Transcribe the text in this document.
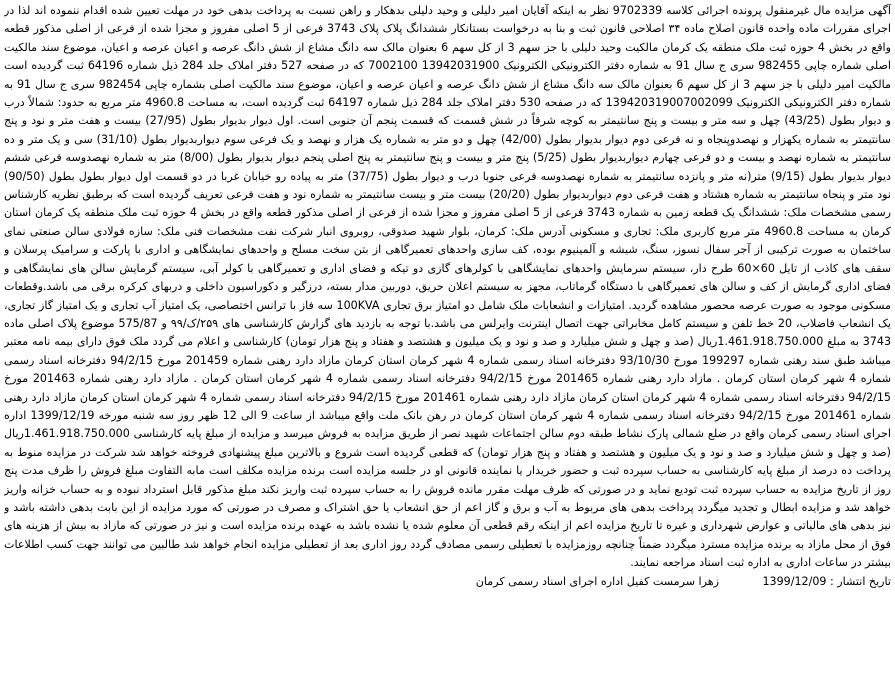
آگهی مزایده مال غیرمنقول پرونده اجرائی کلاسه 9702339 نظر به اینکه آقایان امیر دلیلی و وحید دلیلی بدهکار و راهن نسبت به پرداخت بدهی خود در مهلت تعیین شده اقدام ننموده اند لذا در اجرای مقررات ماده واحده قانون اصلاح ماده ۳۴ اصلاحی قانون ثبت و بنا به درخواست بستانکار ششدانگ پلاک پلاک 3743 فرعی از 5 اصلی مفروز و مجزا شده از فرعی از اصلی مذکور قطعه واقع در بخش 4 حوزه ثبت ملک منطقه یک کرمان مالکیت وحید دلیلی با جز سهم 3 از کل سهم 6 بعنوان مالک سه دانگ مشاع از شش دانگ عرصه و اعیان عرصه و اعیان، موضوع سند مالکیت اصلی شماره چاپی 982455 سری ج سال 91 به شماره دفتر الکترونیکی الکترونیک 13942031900 7002100 که در صفحه 527 دفتر املاک جلد 284 ذیل شماره 64196 ثبت گردیده است مالکیت امیر دلیلی با جز سهم 3 از کل سهم 6 بعنوان مالک سه دانگ مشاع از شش دانگ عرصه و اعیان عرصه و اعیان، موضوع سند مالکیت اصلی بشماره چاپی 982454 سری ج سال 91 به شماره دفتر الکترونیکی الکترونیک 139420319007002099 که در صفحه 530 دفتر املاک جلد 284 ذیل شماره 64197 ثبت گردیده است، به مساحت 4960.8 متر مربع به حدود: شمالاً درب و دیوار بطول (43/25) چهل و سه متر و بیست و پنج سانتیمتر به کوچه شرقاً در شش قسمت که قسمت پنجم آن جنوبی است. اول دیوار بدیوار بطول (27/95) بیست و هفت متر و نود و پنج سانتیمتر به شماره یکهزار و نهصدوپنجاه و نه فرعی دوم دیوار بدیوار بطول (42/00) چهل و دو متر به شماره یک هزار و نهصد و یک فرعی سوم دیواربدیوار بطول (31/10) سی و یک متر و ده سانتیمتر به شماره نهصد و بیست و دو فرعی چهارم دیواربدیوار بطول (5/25) پنج متر و بیست و پنج سانتیمتر به پنج اصلی پنجم دیوار بدیوار بطول (8/00) متر به شماره نهصدوسه فرعی ششم دیوار بدیوار بطول (9/15) متر(نه متر و پانزده سانتیمتر به شماره نهصدوسه فرعی جنوبا درب و دیوار بطول (37/75) متر به پیاده رو خیابان غربا در دو قسمت اول دیوار بطول بطول (90/50) نود متر و پنجاه سانتیمتر به شماره هشتاد و هفت فرعی دوم دیواربدیوار بطول (20/20) بیست متر و بیست سانتیمتر به شماره نود و هفت فرعی تعریف گردیده است که برطبق نظریه کارشناس رسمی مشخصات ملک: ششدانگ یک قطعه زمین به شماره 3743 فرعی از 5 اصلی مفروز و مجزا شده از فرعی از اصلی مذکور قطعه واقع در بخش 4 حوزه ثبت ملک منطقه یک کرمان استان کرمان به مساحت 4960.8 متر مربع کاربری ملک: تجاری و مسکونی آدرس ملک: کرمان، بلوار شهید صدوقی، روبروی انبار شرکت نفت مشخصات فنی ملک: سازه فولادی سالن صنعتی نمای ساختمان به صورت ترکیبی از آجر سفال نسوز، سنگ، شیشه و آلمینیوم بوده، کف سازی واحدهای تعمیرگاهی از بتن سخت مسلح و واحدهای نمایشگاهی و اداری با پارکت و سرامیک پرسلان و سقف های کاذب از تایل 60×60 طرح دار، سیستم سرمایش واحدهای نمایشگاهی با کولرهای گازی دو تیکه و فضای اداری و تعمیرگاهی با کولر آبی، سیستم گرمایش سالن های نمایشگاهی و فضای اداری گرمایش از کف و سالن های تعمیرگاهی با دستگاه گرماتاب، مجهز به سیستم اعلان حریق، دوربین مدار بسته، درزگیر و دکوراسیون داخلی و دربهای کرکره برقی می باشد.وقطعات مسکونی موجود به صورت عرصه محصور مشاهده گردید. امتیازات و انشعابات ملک شامل دو امتیاز برق تجاری 100KVA سه فاز با ترانس اختصاصی، یک امتیاز آب تجاری و یک امتیاز گاز تجاری، یک انشعاب فاضلاب، 20 خط تلفن و سیستم کامل مخابراتی جهت اتصال اینترنت وایرلس می باشد.با توجه به بازدید های گزارش کارشناسی های ۲۵۹/ک/۹۹ و 575/87 موضوع پلاک اصلی ماده 3743 به مبلغ 1.461.918.750.000ریال (صد و چهل و شش میلیارد و صد و نود و یک میلیون و هشتصد و هفتاد و پنج هزار تومان) کارشناسی و اعلام می گردد ملک فوق دارای بیمه نامه معتبر میباشد طبق سند رهنی شماره 199297 مورخ 93/10/30 دفترخانه اسناد رسمی شماره 4 شهر کرمان استان کرمان مازاد دارد رهنی شماره 201459 مورخ 94/2/15 دفترخانه اسناد رسمی شماره 4 شهر کرمان استان کرمان . مازاد دارد رهنی شماره 201465 مورخ 94/2/15 دفترخانه اسناد رسمی شماره 4 شهر کرمان استان کرمان . مازاد دارد رهنی شماره 201463 مورخ 94/2/15 دفترخانه اسناد رسمی شماره 4 شهر کرمان استان کرمان مازاد دارد رهنی شماره 201461 مورخ 94/2/15 دفترخانه اسناد رسمی شماره 4 شهر کرمان استان کرمان مازاد دارد رهنی شماره 201461 مورخ 94/2/15 دفترخانه اسناد رسمی شماره 4 شهر کرمان استان کرمان در رهن بانک ملت واقع میباشد از ساعت 9 الی 12 ظهر روز سه شنبه مورخه 1399/12/19 اداره اجرای اسناد رسمی کرمان واقع در ضلع شمالی پارک نشاط طبقه دوم سالن اجتماعات شهید نصر از طریق مزایده به فروش میرسد و مزایده از مبلغ پایه کارشناسی 1.461.918.750.000ریال (صد و چهل و شش میلیارد و صد و نود و یک میلیون و هشتصد و هفتاد و پنج هزار تومان) که قطعی گردیده است شروع و بالاترین مبلغ پیشنهادی فروخته خواهد شد شرکت در مزایده منوط به پرداخت ده درصد از مبلغ پایه کارشناسی به حساب سپرده ثبت و حضور خریدار یا نماینده قانونی او در جلسه مزایده است برنده مزایده مکلف است مابه التفاوت مبلغ فروش را ظرف مدت پنج روز از تاریخ مزایده به حساب سپرده ثبت تودیع نماید و در صورتی که ظرف مهلت مقرر مانده فروش را به حساب سپرده ثبت واریز نکند مبلغ مذکور قابل استرداد نبوده و به حساب خزانه واریز خواهد شد و مزایده ابطال و تجدید میگردد پرداخت بدهی های مربوط به آب و برق و گاز اعم از حق انشعاب یا حق اشتراک و مصرف در صورتی که مورد مزایده از این بابت بدهی داشته باشد و نیز بدهی های مالیاتی و عوارض شهرداری و غیره تا تاریخ مزایده اعم از اینکه رقم قطعی آن معلوم شده یا نشده باشد به عهده برنده مزایده است و نیز در صورتی که مازاد به بیش از هزینه های فوق از محل مازاد به برنده مزایده مسترد میگردد ضمناً چنانچه روزمزایده با تعطیلی رسمی مصادف گردد روز اداری بعد از تعطیلی مزایده انجام خواهد شد طالبین می توانند جهت کسب اطلاعات بیشتر در ساعات اداری به اداره ثبت اسناد مراجعه نمایند.

تاریخ انتشار : 1399/12/09 زهرا سرمست کفیل اداره اجرای اسناد رسمی کرمان
